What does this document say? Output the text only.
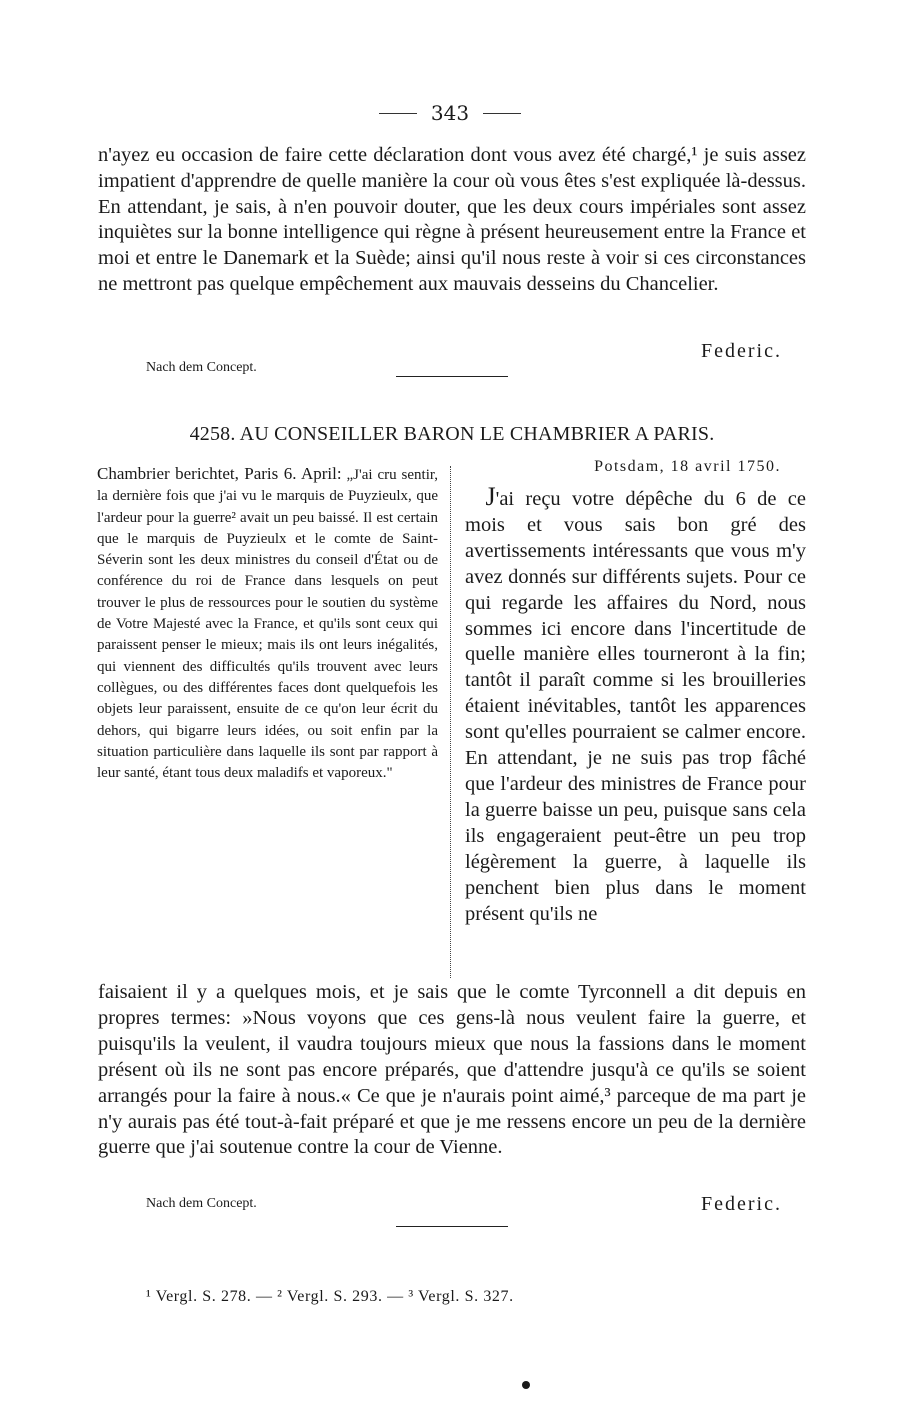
343
n'ayez eu occasion de faire cette déclaration dont vous avez été chargé,¹ je suis assez impatient d'apprendre de quelle manière la cour où vous êtes s'est expliquée là-dessus. En attendant, je sais, à n'en pouvoir douter, que les deux cours impériales sont assez inquiètes sur la bonne intelligence qui règne à présent heureusement entre la France et moi et entre le Danemark et la Suède; ainsi qu'il nous reste à voir si ces circonstances ne mettront pas quelque empêchement aux mauvais desseins du Chancelier.
Nach dem Concept.
Federic.
4258. AU CONSEILLER BARON LE CHAMBRIER A PARIS.
Chambrier berichtet, Paris 6. April: „J'ai cru sentir, la dernière fois que j'ai vu le marquis de Puyzieulx, que l'ardeur pour la guerre² avait un peu baissé. Il est certain que le marquis de Puyzieulx et le comte de Saint-Séverin sont les deux ministres du conseil d'État ou de conférence du roi de France dans lesquels on peut trouver le plus de ressources pour le soutien du système de Votre Majesté avec la France, et qu'ils sont ceux qui paraissent penser le mieux; mais ils ont leurs inégalités, qui viennent des difficultés qu'ils trouvent avec leurs collègues, ou des différentes faces dont quelquefois les objets leur paraissent, ensuite de ce qu'on leur écrit du dehors, qui bigarre leurs idées, ou soit enfin par la situation particulière dans laquelle ils sont par rapport à leur santé, étant tous deux maladifs et vaporeux."
Potsdam, 18 avril 1750.
 J'ai reçu votre dépêche du 6 de ce mois et vous sais bon gré des avertissements intéressants que vous m'y avez donnés sur différents sujets. Pour ce qui regarde les affaires du Nord, nous sommes ici encore dans l'incertitude de quelle manière elles tourneront à la fin; tantôt il paraît comme si les brouilleries étaient inévitables, tantôt les apparences sont qu'elles pourraient se calmer encore. En attendant, je ne suis pas trop fâché que l'ardeur des ministres de France pour la guerre baisse un peu, puisque sans cela ils engageraient peut-être un peu trop légèrement la guerre, à laquelle ils penchent bien plus dans le moment présent qu'ils ne
faisaient il y a quelques mois, et je sais que le comte Tyrconnell a dit depuis en propres termes: »Nous voyons que ces gens-là nous veulent faire la guerre, et puisqu'ils la veulent, il vaudra toujours mieux que nous la fassions dans le moment présent où ils ne sont pas encore préparés, que d'attendre jusqu'à ce qu'ils se soient arrangés pour la faire à nous.« Ce que je n'aurais point aimé,³ parceque de ma part je n'y aurais pas été tout-à-fait préparé et que je me ressens encore un peu de la dernière guerre que j'ai soutenue contre la cour de Vienne.
Nach dem Concept.	Federic.
¹ Vergl. S. 278. — ² Vergl. S. 293. — ³ Vergl. S. 327.
